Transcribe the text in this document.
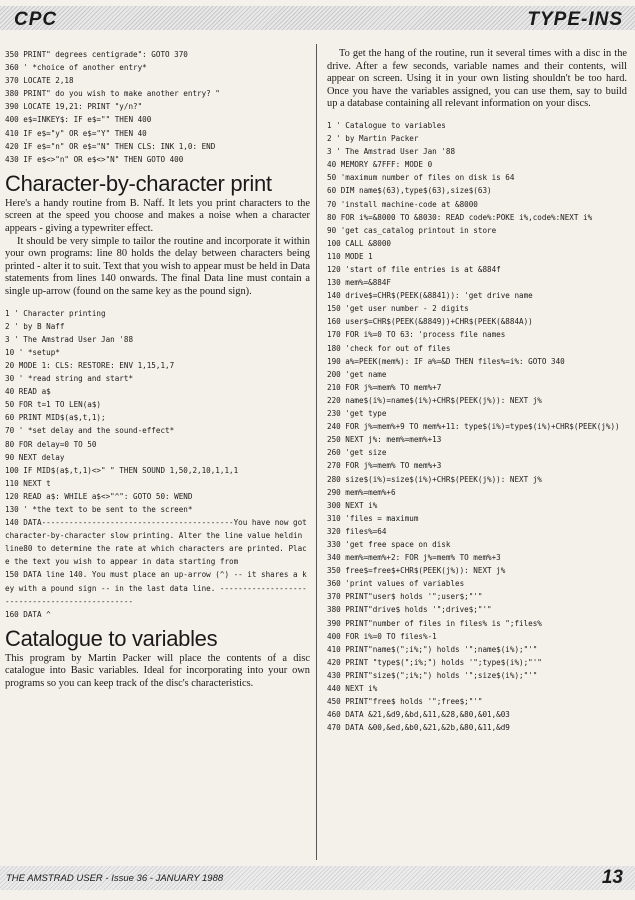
CPC	TYPE-INS
350 PRINT" degrees centigrade": GOTO 370
360 ' *choice of another entry*
370 LOCATE 2,18
380 PRINT" do you wish to make another entry? "
390 LOCATE 19,21: PRINT "y/n?"
400 e$=INKEY$: IF e$="" THEN 400
410 IF e$="y" OR e$="Y" THEN 40
420 IF e$="n" OR e$="N" THEN CLS: INK 1,0: END
430 IF e$<>"n" OR e$<>"N" THEN GOTO 400
Character-by-character print

Here's a handy routine from B. Naff. It lets you print characters to the screen at the speed you choose and makes a noise when a character appears - giving a typewriter effect.

It should be very simple to tailor the routine and incorporate it within your own programs: line 80 holds the delay between characters being printed - alter it to suit. Text that you wish to appear must be held in Data statements from lines 140 onwards. The final Data line must contain a single up-arrow (found on the same key as the pound sign).

1 ' Character printing
2 ' by B Naff
3 ' The Amstrad User Jan '88
10 ' *setup*
20 MODE 1: CLS: RESTORE: ENV 1,15,1,7
30 ' *read string and start*
40 READ a$
50 FOR t=1 TO LEN(a$)
60 PRINT MID$(a$,t,1);
70 ' *set delay and the sound-effect*
80 FOR delay=0 TO 50
90 NEXT delay
100 IF MID$(a$,t,1)<>" " THEN SOUND 1,50,2,10,1,1,1
110 NEXT t
120 READ a$: WHILE a$<>"^": GOTO 50: WEND
130 ' *the text to be sent to the screen*
140 DATA------------------------------------------You have now got character-by-character slow printing. Alter the line value heldin line80 to determine the rate at which characters are printed. Place the text you wish to appear in data starting from
150 DATA line 140. You must place an up-arrow (^) -- it shares a key with a pound sign -- in the last data line. -----------------------------------------------
160 DATA ^
Catalogue to variables

This program by Martin Packer will place the contents of a disc catalogue into Basic variables. Ideal for incorporating into your own programs so you can keep track of the disc's characteristics.

To get the hang of the routine, run it several times with a disc in the drive. After a few seconds, variable names and their contents, will appear on screen. Using it in your own listing shouldn't be too hard. Once you have the variables assigned, you can use them, say to build up a database containing all relevant information on your discs.

1 ' Catalogue to variables
2 ' by Martin Packer
3 ' The Amstrad User Jan '88
40 MEMORY &7FFF: MODE 0
50 'maximum number of files on disk is 64
60 DIM name$(63),type$(63),size$(63)
70 'install machine-code at &8000
80 FOR i%=&8000 TO &8030: READ code%:POKE i%,code%:NEXT i%
90 'get cas_catalog printout in store
100 CALL &8000
110 MODE 1
120 'start of file entries is at &884f
130 mem%=&884F
140 drive$=CHR$(PEEK(&8841)): 'get drive name
150 'get user number - 2 digits
160 user$=CHR$(PEEK(&8849))+CHR$(PEEK(&884A))
170 FOR i%=0 TO 63: 'process file names
180 'check for out of files
190 a%=PEEK(mem%): IF a%=&D THEN files%=i%: GOTO 340
200 'get name
210 FOR j%=mem% TO mem%+7
220 name$(i%)=name$(i%)+CHR$(PEEK(j%)): NEXT j%
230 'get type
240 FOR j%=mem%+9 TO mem%+11: type$(i%)=type$(i%)+CHR$(PEEK(j%))
250 NEXT j%: mem%=mem%+13
260 'get size
270 FOR j%=mem% TO mem%+3
280 size$(i%)=size$(i%)+CHR$(PEEK(j%)): NEXT j%
290 mem%=mem%+6
300 NEXT i%
310 'files = maximum
320 files%=64
330 'get free space on disk
340 mem%=mem%+2: FOR j%=mem% TO mem%+3
350 free$=free$+CHR$(PEEK(j%)): NEXT j%
360 'print values of variables
370 PRINT"user$ holds '";user$;"'"
380 PRINT"drive$ holds '";drive$;"'"
390 PRINT"number of files in files% is ";files%
400 FOR i%=0 TO files%-1
410 PRINT"name$(";i%;") holds '";name$(i%);"'"
420 PRINT "type$(";i%;") holds '";type$(i%);"'"
430 PRINT"size$(";i%;") holds '";size$(i%);"'"
440 NEXT i%
450 PRINT"free$ holds '";free$;"'"
460 DATA &21,&d9,&bd,&11,&28,&80,&01,&03
470 DATA &00,&ed,&b0,&21,&2b,&80,&11,&d9
THE AMSTRAD USER - Issue 36 - JANUARY 1988	13
